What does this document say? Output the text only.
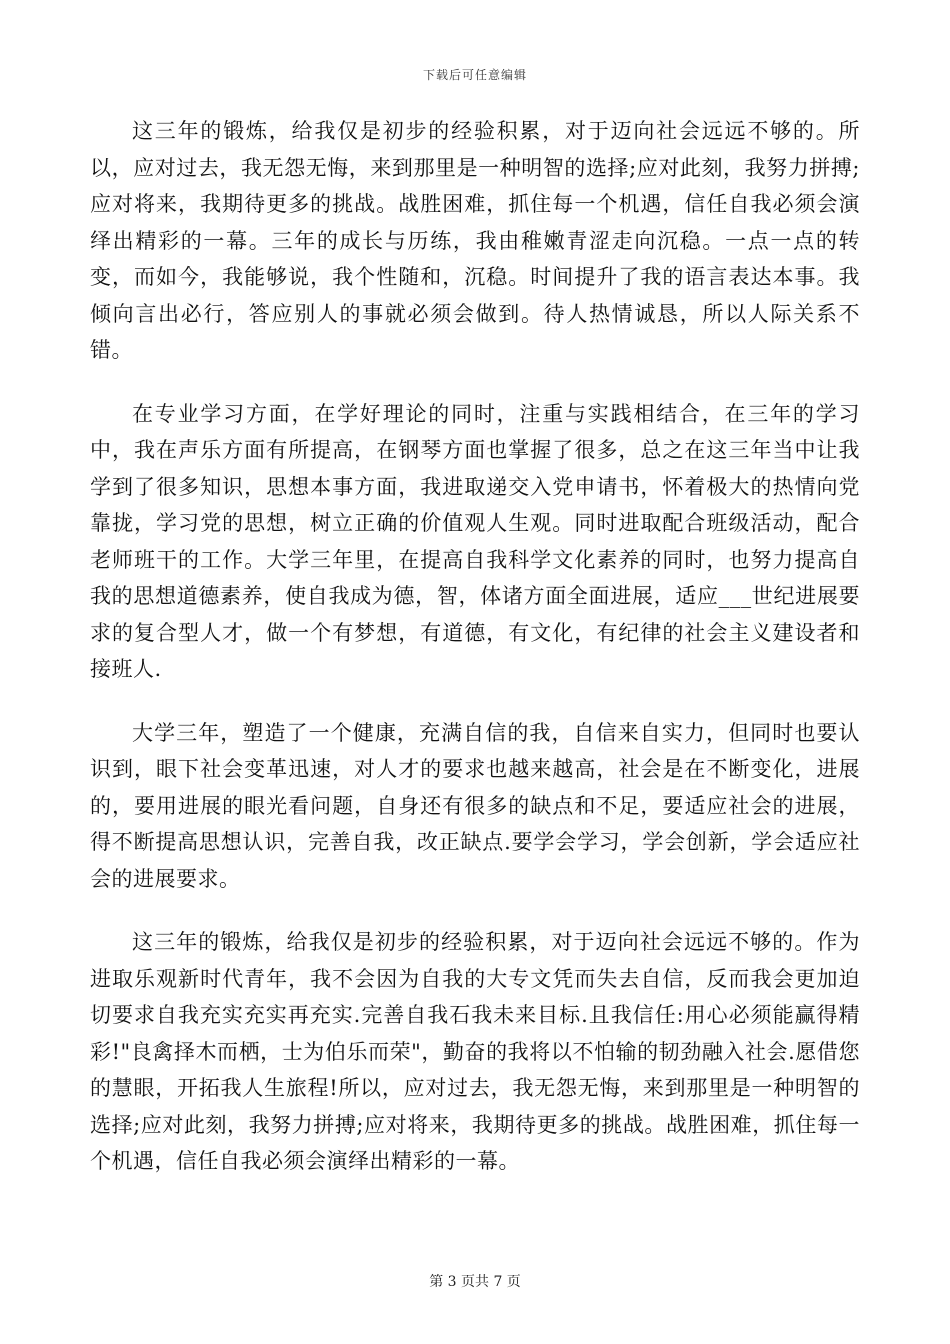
下载后可任意编辑

这三年的锻炼，给我仅是初步的经验积累，对于迈向社会远远不够的。所以，应对过去，我无怨无悔，来到那里是一种明智的选择;应对此刻，我努力拼搏;应对将来，我期待更多的挑战。战胜困难，抓住每一个机遇，信任自我必须会演绎出精彩的一幕。三年的成长与历练，我由稚嫩青涩走向沉稳。一点一点的转变，而如今，我能够说，我个性随和，沉稳。时间提升了我的语言表达本事。我倾向言出必行，答应别人的事就必须会做到。待人热情诚恳，所以人际关系不错。

在专业学习方面，在学好理论的同时，注重与实践相结合，在三年的学习中，我在声乐方面有所提高，在钢琴方面也掌握了很多，总之在这三年当中让我学到了很多知识，思想本事方面，我进取递交入党申请书，怀着极大的热情向党靠拢，学习党的思想，树立正确的价值观人生观。同时进取配合班级活动，配合老师班干的工作。大学三年里，在提高自我科学文化素养的同时，也努力提高自我的思想道德素养，使自我成为德，智，体诸方面全面进展，适应___世纪进展要求的复合型人才，做一个有梦想，有道德，有文化，有纪律的社会主义建设者和接班人.

大学三年，塑造了一个健康，充满自信的我，自信来自实力，但同时也要认识到，眼下社会变革迅速，对人才的要求也越来越高，社会是在不断变化，进展的，要用进展的眼光看问题，自身还有很多的缺点和不足，要适应社会的进展，得不断提高思想认识，完善自我，改正缺点.要学会学习，学会创新，学会适应社会的进展要求。

这三年的锻炼，给我仅是初步的经验积累，对于迈向社会远远不够的。作为进取乐观新时代青年，我不会因为自我的大专文凭而失去自信，反而我会更加迫切要求自我充实充实再充实.完善自我石我未来目标.且我信任:用心必须能赢得精彩!"良禽择木而栖，士为伯乐而荣"，勤奋的我将以不怕输的韧劲融入社会.愿借您的慧眼，开拓我人生旅程!所以，应对过去，我无怨无悔，来到那里是一种明智的选择;应对此刻，我努力拼搏;应对将来，我期待更多的挑战。战胜困难，抓住每一个机遇，信任自我必须会演绎出精彩的一幕。

第 3 页共 7 页
